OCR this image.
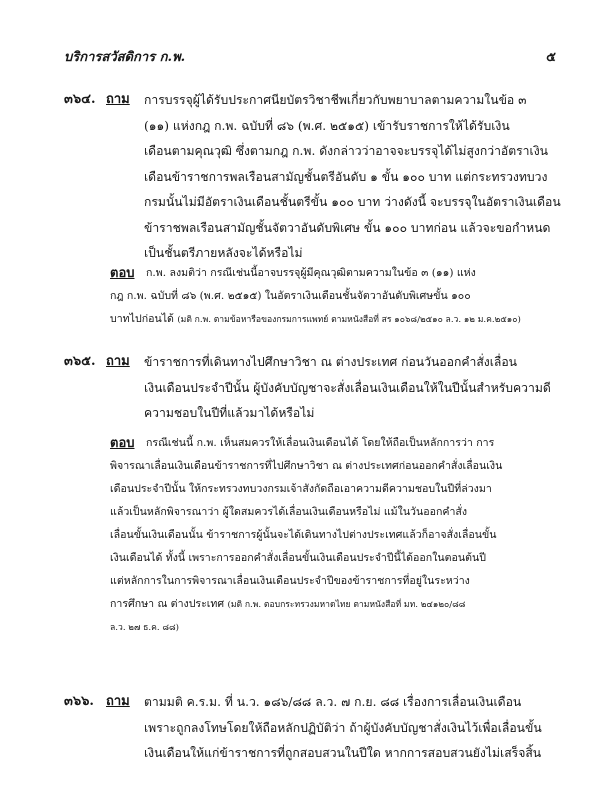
บริการสวัสดิการ ก.พ.	๕
๓๖๔. ถาม การบรรจุผู้ได้รับประกาศนียบัตรวิชาชีพเกี่ยวกับพยาบาลตามความในข้อ ๓
(๑๑) แห่งกฎ ก.พ. ฉบับที่ ๘๖ (พ.ศ. ๒๕๑๕) เข้ารับราชการให้ได้รับเงิน
เดือนตามคุณวุฒิ ซึ่งตามกฎ ก.พ. ดังกล่าวว่าอาจจะบรรจุได้ไม่สูงกว่าอัตราเงิน
เดือนข้าราชการพลเรือนสามัญชั้นตรีอันดับ ๑ ขั้น ๑๐๐ บาท แต่กระทรวงทบวง
กรมนั้นไม่มีอัตราเงินเดือนชั้นตรีขั้น ๑๐๐ บาท ว่างดังนี้ จะบรรจุในอัตราเงินเดือน
ข้าราชพลเรือนสามัญชั้นจัตวาอันดับพิเศษ ขั้น ๑๐๐ บาทก่อน แล้วจะขอกำหนด
เป็นชั้นตรีภายหลังจะได้หรือไม่
ตอบ	ก.พ. ลงมติว่า กรณีเช่นนี้อาจบรรจุผู้มีคุณวุฒิตามความในข้อ ๓ (๑๑) แห่ง
กฎ ก.พ. ฉบับที่ ๘๖ (พ.ศ. ๒๕๑๕) ในอัตราเงินเดือนชั้นจัตวาอันดับพิเศษขั้น ๑๐๐
บาทไปก่อนได้ (มติ ก.พ. ตามข้อหารือของกรมการแพทย์ ตามหนังสือที่ สร ๑๐๖๘/๒๕๑๐ ล.ว. ๑๒ ม.ค.๒๕๑๐)
๓๖๕. ถาม ข้าราชการที่เดินทางไปศึกษาวิชา ณ ต่างประเทศ ก่อนวันออกคำสั่งเลื่อน
เงินเดือนประจำปีนั้น ผู้บังคับบัญชาจะสั่งเลื่อนเงินเดือนให้ในปีนั้นสำหรับความดี
ความชอบในปีที่แล้วมาได้หรือไม่
ตอบ	กรณีเช่นนี้ ก.พ. เห็นสมควรให้เลื่อนเงินเดือนได้ โดยให้ถือเป็นหลักการว่า การ
พิจารณาเลื่อนเงินเดือนข้าราชการที่ไปศึกษาวิชา ณ ต่างประเทศก่อนออกคำสั่งเลื่อนเงิน
เดือนประจำปีนั้น ให้กระทรวงทบวงกรมเจ้าสังกัดถือเอาความดีความชอบในปีที่ล่วงมา
แล้วเป็นหลักพิจารณาว่า ผู้ใดสมควรได้เลื่อนเงินเดือนหรือไม่ แม้ในวันออกคำสั่ง
เลื่อนขั้นเงินเดือนนั้น ข้าราชการผู้นั้นจะได้เดินทางไปต่างประเทศแล้วก็อาจสั่งเลื่อนขั้น
เงินเดือนได้ ทั้งนี้ เพราะการออกคำสั่งเลื่อนขั้นเงินเดือนประจำปีนี้ได้ออกในตอนต้นปี
แต่หลักการในการพิจารณาเลื่อนเงินเดือนประจำปีของข้าราชการที่อยู่ในระหว่าง
การศึกษา ณ ต่างประเทศ (มติ ก.พ. ตอบกระทรวงมหาดไทย ตามหนังสือที่ มท. ๒๔๑๒๐/๘๘
ล.ว. ๒๗ ธ.ค. ๘๘)
๓๖๖. ถาม ตามมติ ค.ร.ม. ที่ น.ว. ๑๘๖/๘๘ ล.ว. ๗ ก.ย. ๘๘ เรื่องการเลื่อนเงินเดือน
เพราะถูกลงโทษโดยให้ถือหลักปฏิบัติว่า ถ้าผู้บังคับบัญชาสั่งเงินไว้เพื่อเลื่อนขั้น
เงินเดือนให้แก่ข้าราชการที่ถูกสอบสวนในปีใด หากการสอบสวนยังไม่เสร็จสิ้น
